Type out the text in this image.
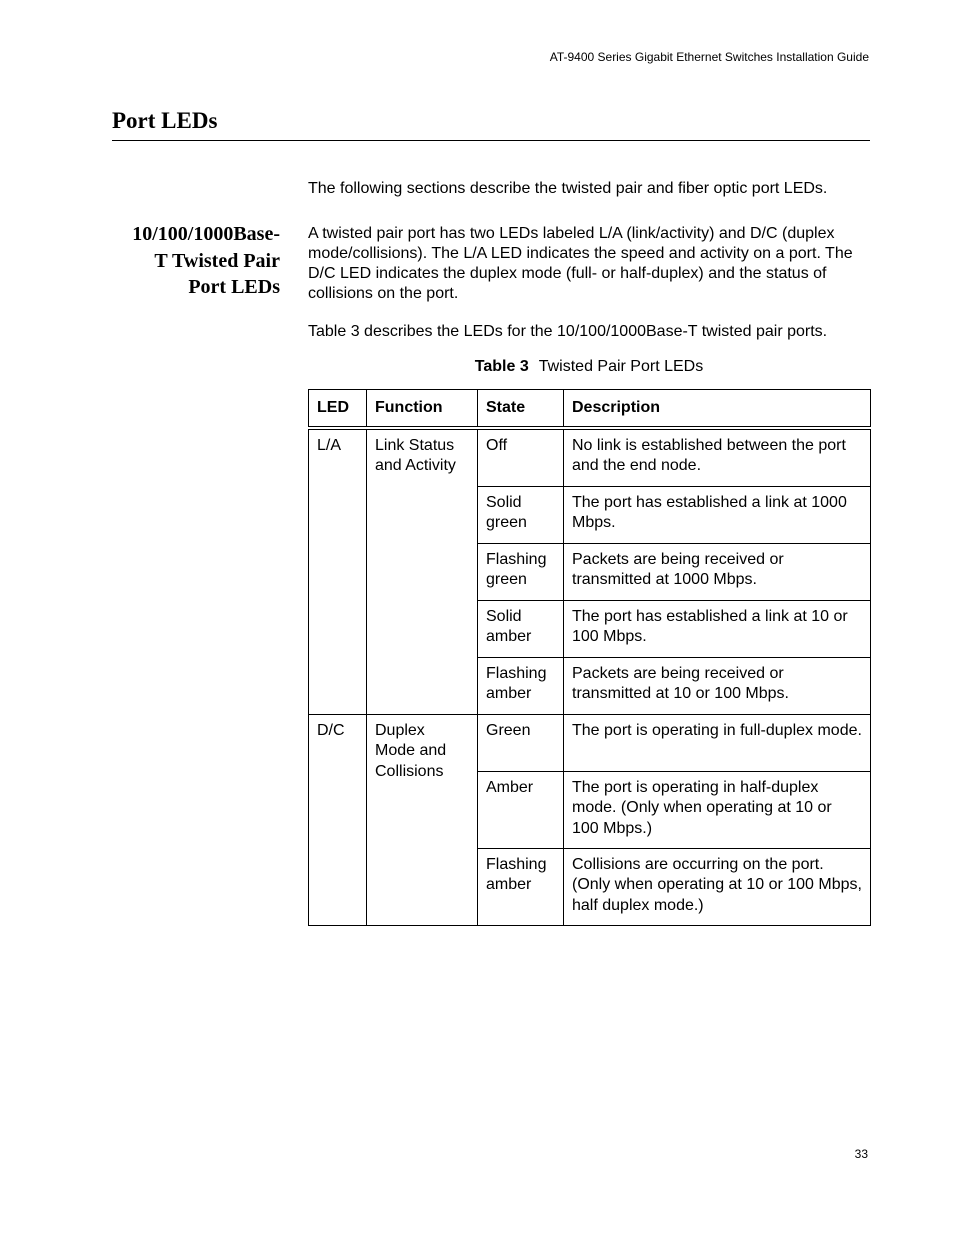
AT-9400 Series Gigabit Ethernet Switches Installation Guide
Port LEDs

The following sections describe the twisted pair and fiber optic port LEDs.

10/100/1000Base-
T Twisted Pair
Port LEDs

A twisted pair port has two LEDs labeled L/A (link/activity) and D/C (duplex mode/collisions). The L/A LED indicates the speed and activity on a port. The D/C LED indicates the duplex mode (full- or half-duplex) and the status of collisions on the port.

Table 3 describes the LEDs for the 10/100/1000Base-T twisted pair ports.

Table 3 Twisted Pair Port LEDs
LED	Function	State	Description
L/A	Link Status and Activity	Off	No link is established between the port and the end node.
		Solid green	The port has established a link at 1000 Mbps.
		Flashing green	Packets are being received or transmitted at 1000 Mbps.
		Solid amber	The port has established a link at 10 or 100 Mbps.
		Flashing amber	Packets are being received or transmitted at 10 or 100 Mbps.
D/C	Duplex Mode and Collisions	Green	The port is operating in full-duplex mode.
		Amber	The port is operating in half-duplex mode. (Only when operating at 10 or 100 Mbps.)
		Flashing amber	Collisions are occurring on the port. (Only when operating at 10 or 100 Mbps, half duplex mode.)
33
